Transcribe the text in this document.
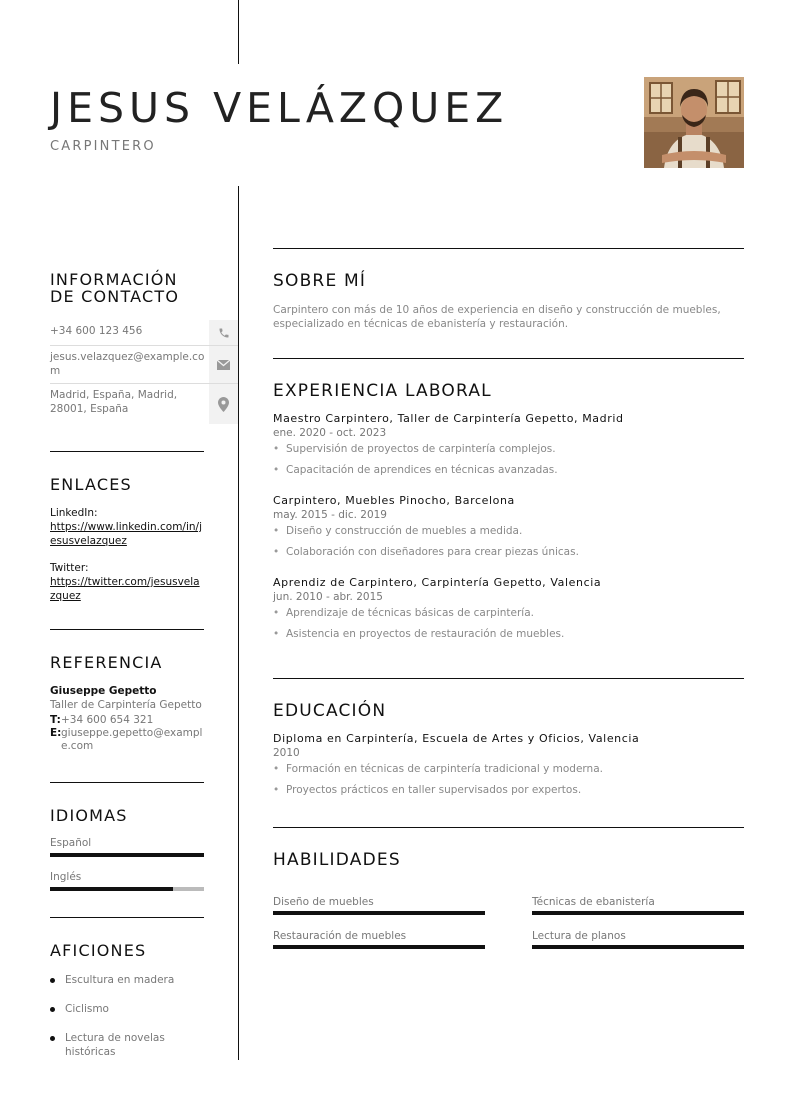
JESUS VELÁZQUEZ
CARPINTERO
INFORMACIÓN DE CONTACTO
+34 600 123 456
jesus.velazquez@example.com
Madrid, España, Madrid, 28001, España
ENLACES
LinkedIn:
https://www.linkedin.com/in/jesusvelazquez
Twitter:
https://twitter.com/jesusvelazquez
REFERENCIA
Giuseppe Gepetto
Taller de Carpintería Gepetto
T: +34 600 654 321
E: giuseppe.gepetto@example.com
IDIOMAS
Español
Inglés
AFICIONES
Escultura en madera
Ciclismo
Lectura de novelas históricas
SOBRE MÍ
Carpintero con más de 10 años de experiencia en diseño y construcción de muebles, especializado en técnicas de ebanistería y restauración.
EXPERIENCIA LABORAL
Maestro Carpintero, Taller de Carpintería Gepetto, Madrid
ene. 2020 - oct. 2023
• Supervisión de proyectos de carpintería complejos.
• Capacitación de aprendices en técnicas avanzadas.
Carpintero, Muebles Pinocho, Barcelona
may. 2015 - dic. 2019
• Diseño y construcción de muebles a medida.
• Colaboración con diseñadores para crear piezas únicas.
Aprendiz de Carpintero, Carpintería Gepetto, Valencia
jun. 2010 - abr. 2015
• Aprendizaje de técnicas básicas de carpintería.
• Asistencia en proyectos de restauración de muebles.
EDUCACIÓN
Diploma en Carpintería, Escuela de Artes y Oficios, Valencia
2010
• Formación en técnicas de carpintería tradicional y moderna.
• Proyectos prácticos en taller supervisados por expertos.
HABILIDADES
Diseño de muebles	Técnicas de ebanistería
Restauración de muebles	Lectura de planos
